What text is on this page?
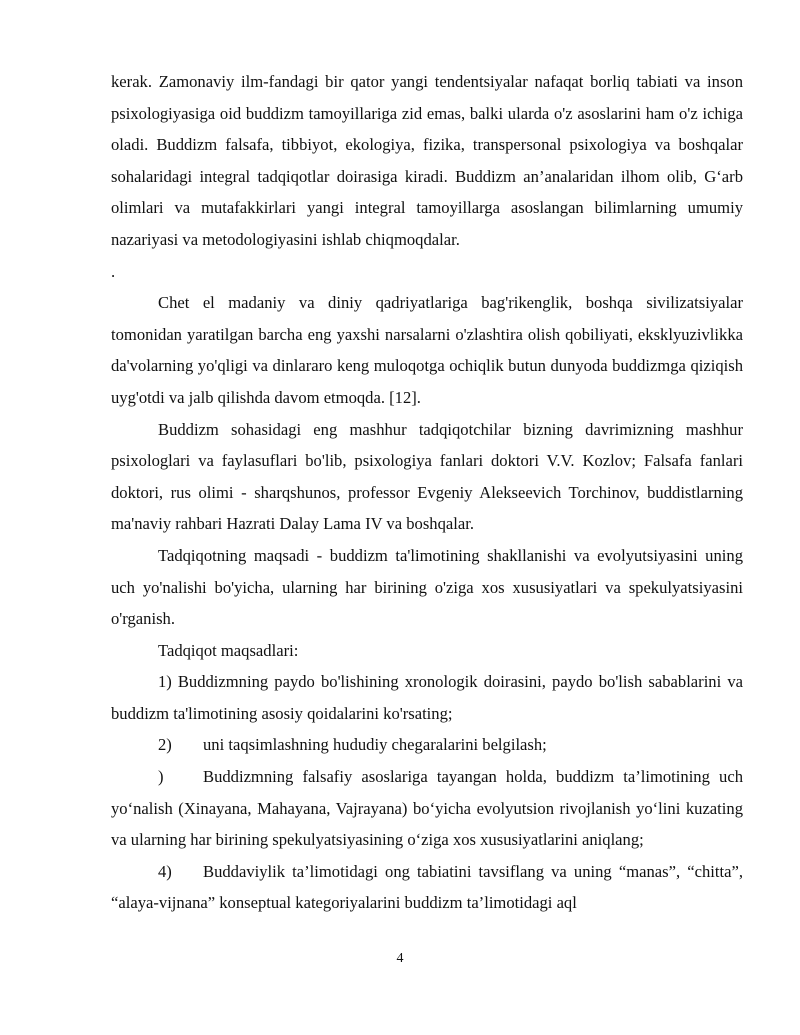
kerak. Zamonaviy ilm-fandagi bir qator yangi tendentsiyalar nafaqat borliq tabiati va inson psixologiyasiga oid buddizm tamoyillariga zid emas, balki ularda o'z asoslarini ham o'z ichiga oladi. Buddizm falsafa, tibbiyot, ekologiya, fizika, transpersonal psixologiya va boshqalar sohalaridagi integral tadqiqotlar doirasiga kiradi. Buddizm an’analaridan ilhom olib, G‘arb olimlari va mutafakkirlari yangi integral tamoyillarga asoslangan bilimlarning umumiy nazariyasi va metodologiyasini ishlab chiqmoqdalar.

.

Chet el madaniy va diniy qadriyatlariga bag'rikenglik, boshqa sivilizatsiyalar tomonidan yaratilgan barcha eng yaxshi narsalarni o'zlashtira olish qobiliyati, eksklyuzivlikka da'volarning yo'qligi va dinlararo keng muloqotga ochiqlik butun dunyoda buddizmga qiziqish uyg'otdi va jalb qilishda davom etmoqda. [12].

Buddizm sohasidagi eng mashhur tadqiqotchilar bizning davrimizning mashhur psixologlari va faylasuflari bo'lib, psixologiya fanlari doktori V.V. Kozlov; Falsafa fanlari doktori, rus olimi - sharqshunos, professor Evgeniy Alekseevich Torchinov, buddistlarning ma'naviy rahbari Hazrati Dalay Lama IV va boshqalar.

Tadqiqotning maqsadi - buddizm ta'limotining shakllanishi va evolyutsiyasini uning uch yo'nalishi bo'yicha, ularning har birining o'ziga xos xususiyatlari va spekulyatsiyasini o'rganish.

Tadqiqot maqsadlari:

1) Buddizmning paydo bo'lishining xronologik doirasini, paydo bo'lish sabablarini va buddizm ta'limotining asosiy qoidalarini ko'rsating;

2) uni taqsimlashning hududiy chegaralarini belgilash;

) Buddizmning falsafiy asoslariga tayangan holda, buddizm ta’limotining uch yo‘nalish (Xinayana, Mahayana, Vajrayana) bo‘yicha evolyutsion rivojlanish yo‘lini kuzating va ularning har birining spekulyatsiyasining o‘ziga xos xususiyatlarini aniqlang;

4) Buddaviylik ta’limotidagi ong tabiatini tavsiflang va uning “manas”, “chitta”, “alaya-vijnana” konseptual kategoriyalarini buddizm ta’limotidagi aql

4
